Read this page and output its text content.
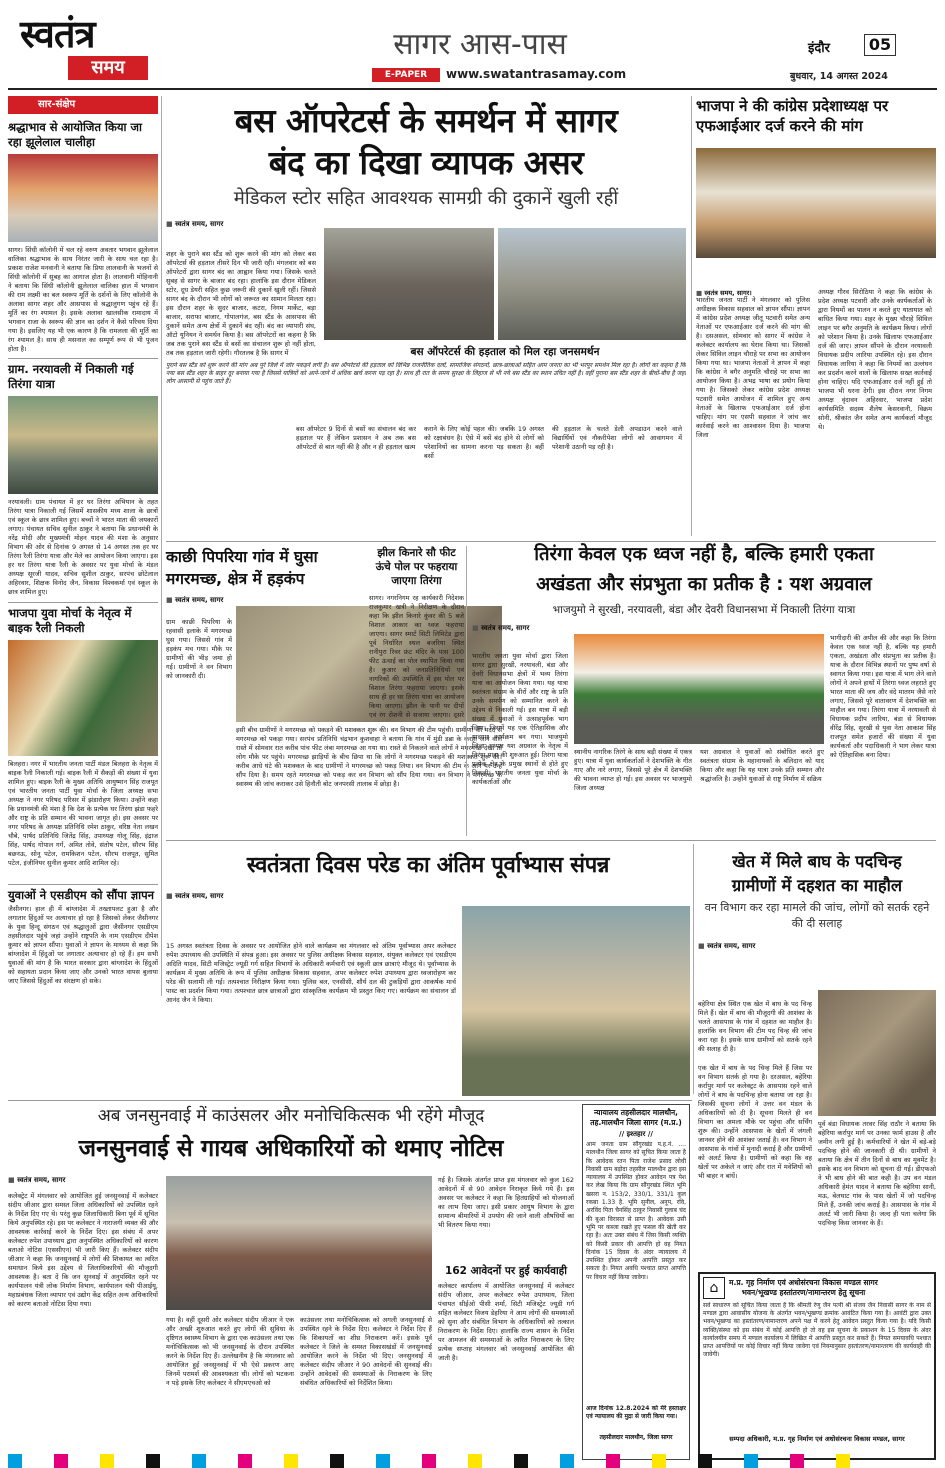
स्वतंत्र
समय
सागर आस-पास	इंदौर	05
E-PAPER	www.swatantrasamay.com	बुधवार, 14 अगस्त 2024
सार-संक्षेप
श्रद्धाभाव से आयोजित किया जा रहा झूलेलाल चालीहा
सागर। सिंधी कॉलोनी में चल रहे वरुण अवतार भगवान झूलेलाल वालिका श्रद्धाभाव के साथ निरंतर जारी के साथ चल रहा है। प्रकाश राजेश मनवानी ने बताया कि प्रिया लालवानी के भजनों से सिंधी कॉलोनी में सुबह का आगाज होता है। लालवानी मोहिनानी ने बताया कि सिंधी कॉलोनी झूलेलाल वालिका हाल में भगवान की राम लक्ष्मी का बल स्वरूप मूर्ति के दर्शनों के लिए कॉलोनी के अलावा सागर शहर और आसपास से श्रद्धालुगण पहुंच रहे हैं। मूर्ति का रंग श्यामल है। इसके अलावा खालसीक रामादाय में भगवान राजा के स्वरूप की ज्ञान का दर्शन ने कैसे परिचय दिया गया है। इसलिए यह भी एक कारण है कि रामलला की मूर्ति का रंग श्यामल है। साथ ही मसनाल का सम्पूर्ण रूप से भी पूजन होता है।
ग्राम. नरयावली में निकाली गई तिरंगा यात्रा
नरयावली। ग्राम पंचायत में हर घर तिरंगा अभियान के तहत तिरंगा यात्रा निकाली गई जिसमें शासकीय मध्य शाला के छात्रों एवं स्कूल के छात्र शामिल हुए। बच्चों ने भारत माता की जयकारों लगाए। पंचायत सचिव सुनील ठाकुर ने बताया कि प्रधानमंत्री के नरेंद्र मोदी और मुख्यमंत्री मोहन यादव की मंशा के अनुसार विभाग की ओर से दिनांक 9 अगस्त से 14 अगस्त तक हर घर तिरंगा रैली तिरंगा यात्रा और मेले का आयोजन किया जाएगा। इस हर घर तिरंगा यात्रा रैली के अवसर पर युवा मोर्चा के मंडल अध्यक्ष सूरजी यादव, सचिव सुशील ठाकुर, सरपंच छोटेलाल अहिरवार, शिक्षक विनोद जैन, विकास विश्वकर्मा एवं स्कूल के छात्र शामिल हुए।
भाजपा युवा मोर्चा के नेतृत्व में बाइक रैली निकली
बिलहरा। नगर में भारतीय जनता पार्टी मंडल बिलहरा के नेतृत्व में बाइक रैली निकाली गई। बाइक रैली में सैकड़ों की संख्या में युवा शामिल हुए। बाइक रैली के मुख्य अतिथि आयुष्मान सिंह राजपूत एवं भारतीय जनता पार्टी युवा मोर्चा के जिला अध्यक्ष सभा अध्यक्ष ने नगर परिषद परिसर में झंडारोहण किया। उन्होंने कहा कि प्रधानमंत्री की मंशा है कि देश के प्रत्येक घर तिरंगा झंडा फहरे और राष्ट्र के प्रति सम्मान की भावना जागृत हो। इस अवसर पर नगर परिषद के अध्यक्ष प्रतिनिधि रमेश ठाकुर, वरिष्ठ नेता लखन चौबे, पार्षद प्रतिनिधि जितेंद्र सिंह, उपाध्यक्ष गोलू सिंह, इंद्राज सिंह, पार्षद गोपाल गर्ग, अमित तोवे, संतोष पटेल, सौरभ सिंह बछनऊ, सोनू पटेल, रामकिशन पटेल, सौरभ राजपूत, सुमित पटेल, इंजीनियर सुनील कुमार आदि शामिल रहे।
युवाओं ने एसडीएम को सौंपा ज्ञापन
जैसीनगर। हाल ही में बांग्लादेश में तख्तापलट हुआ है और लगातार हिंदुओं पर अत्याचार हो रहा है जिसको लेकर जैसीनगर के युवा हिन्दू संगठन एवं श्रद्धालुओं द्वारा जैसीनगर एसडीएम तहसीलदार पहुंचे जहां उन्होंने राष्ट्रपति के नाम एसडीएम दीपेश कुमार को ज्ञापन सौंपा। युवाओं ने ज्ञापन के माध्यम से कहा कि बांग्लादेश में हिंदुओं पर लगातार अत्याचार हो रहे हैं। हम सभी युवाओं की मांग है कि भारत सरकार द्वारा बांग्लादेश के हिंदुओं को सहायता प्रदान किया जाए और उनको भारत वापस बुलाया जाए जिससे हिंदुओं का संरक्षण हो सके।
बस ऑपरेटर्स के समर्थन में सागर
बंद का दिखा व्यापक असर
मेडिकल स्टोर सहित आवश्यक सामग्री की दुकानें खुली रहीं
■ स्वतंत्र समय, सागर
शहर के पुराने बस स्टैंड को शुरू करने की मांग को लेकर बस ऑपरेटर्स की हड़ताल तीसरे दिन भी जारी रही। मंगलवार को बस ऑपरेटरों द्वारा सागर बंद का आह्वान किया गया। जिसके चलते सुबह से सागर के बाजार बंद रहा। हालांकि इस दौरान मेडिकल स्टोर, दूध डेयरी सहित कुछ जरूरी की दुकानें खुली रहीं। जिससे सागर बंद के दौरान भी लोगों को जरूरत का सामान मिलता रहा। इस दौरान शहर के सुदर बाजार, कटरा, निगम मार्केट, बड़ा बाजार, सराफा बाजार, गोपालगंज, बस स्टैंड के आसपास की दुकानें समेत अन्य क्षेत्रों में दुकानें बंद रहीं। बंद का व्यापारी संघ, ऑटो यूनियन ने समर्थन किया है। बस ऑपरेटरों का कहना है कि जब तक पुराने बस स्टैंड से बसों का संचालन शुरू हो नहीं होता, तब तक हड़ताल जारी रहेगी। गौरतलब है कि सागर में	बस ऑपरेटर्स की हड़ताल को मिल रहा जनसमर्थन
पुराने बस स्टैंड को शुरू करने की मांग अब पूरे जिले में जोर पकड़ने लगी है। बस ऑपरेटर्स की हड़ताल को विभिन्न राजनीतिक दलों, सामाजिक संगठनों, छात्र-छात्राओं सहित आम जनता का भी भरपूर समर्थन मिल रहा है। लोगों का कहना है कि नया बस स्टैंड शहर के बाहर दूर बनाया गया है जिससे यात्रियों को आने-जाने में अधिक खर्च करना पड़ रहा है। साथ ही रात के समय सुरक्षा के लिहाज से भी नये बस स्टैंड का स्थान उचित नहीं है। वहीं पुराना बस स्टैंड शहर के बीचों-बीच है जहां लोग आसानी से पहुंच जाते हैं।
बस ऑपरेटर 9 दिनों से बसों का संचालन बंद कर हड़ताल पर हैं लेकिन प्रशासन ने अब तक बस ऑपरेटरों से बात नहीं की है और न ही हड़ताल खत्म
कराने के लिए कोई पहल की। जबकि 19 अगस्त को रक्षाबंधन है। ऐसे में बसें बंद होने से लोगों को परेशानियों का सामना करना पड़ सकता है। बहीं बसों
की हड़ताल के चलते डेली अपडाउन करने वाले विद्यार्थियों एवं नौकरीपेशा लोगों को आवागमन में परेशानी उठानी पड़ रही है।
भाजपा ने की कांग्रेस प्रदेशाध्यक्ष पर एफआईआर दर्ज करने की मांग
■ स्वतंत्र समय, सागर।
भारतीय जनता पार्टी ने मंगलवार को पुलिस अधीक्षक विकास सहवाल को ज्ञापन सौंपा। ज्ञापन में कांग्रेस प्रदेश अध्यक्ष जीतू पटवारी समेत अन्य नेताओं पर एफआईआर दर्ज करने की मांग की है। दसअसल, सोमवार को सागर में कांग्रेस ने कलेक्टर कार्यालय का घेराव किया था। जिसकों लेकर सिविल लाइन चौराहे पर सभा का आयोजन किया गया था। भाजपा नेताओं ने ज्ञापन में कहा कि कांग्रेस ने बगैर अनुमति चौराहे पर सभा का आयोजन किया है। अभद्र भाषा का प्रयोग किया गया है। जिसको लेकर कांग्रेस प्रदेश अध्यक्ष पटवारी समेत आयोजन में शामिल हुए अन्य नेताओं के खिलाफ एफआईआर दर्ज होना चाहिए। मांग पर एसपी सहवाल ने जांच कर कार्रवाई करने का आश्वासन दिया है। भाजपा जिला
अध्यक्ष गौरव सिरोठिया ने कहा कि कांग्रेस के प्रदेश अध्यक्ष पटवारी और उनके कार्यकर्ताओं के द्वारा नियमों का पालन न करते हुए यातायात को बाधित किया गया। शहर के मुख्य चौराहे सिविल लाइन पर बगैर अनुमति के कार्यक्रम किया। लोगों को परेशान किया है। उनके खिलाफ एफआईआर दर्ज की जाए। ज्ञापन सौंपने के दौरान नरयावली विधायक प्रदीप लारिया उपस्थित रहे। इस दौरान विधायक लारिया ने कहा कि नियमों का उल्लंघन कर प्रदर्शन करने वालों के खिलाफ सख्त कार्रवाई होना चाहिए। यदि एफआईआर दर्ज नहीं हुई तो भाजपा भी धरना देगी। इस दौरान नगर निगम अध्यक्ष वृंदावन अहिरवार, भाजपा प्रदेश कार्यसमिति सदस्य शैलेष केसरवानी, विक्रम सोनी, श्रीकांत जैन समेत अन्य कार्यकर्ता मौजूद थे।
काछी पिपरिया गांव में घुसा मगरमच्छ, क्षेत्र में हड़कंप
■ स्वतंत्र समय, सागर
ग्राम काछी पिपरिया के रहवासी इलाके में मगरमच्छ घुस गया। जिससे गांव में हड़कंप मच गया। मौके पर ग्रामीणों की भीड़ जमा हो गई। ग्रामीणों ने वन विभाग को जानकारी दी।
इसी बीच ग्रामीणों ने मगरमच्छ को पकड़ने की मशक्कत शुरू की। वन विभाग की टीम पहुंची। ग्रामीणों की मदद से मगरमच्छ को पकड़ा गया। सरपंच प्रतिनिधि चंद्रभान कुशवाहा ने बताया कि गांव में मुंडी डब्रा के करहा जाने वाले रास्ते में सोमवार रात करीब पांच फीट लंबा मगरमच्छ आ गया था। रास्ते से निकलने वाले लोगों ने मगरमच्छ देखा तो लोग मौके पर पहुंचे। मगरमच्छ झाड़ियों के बीच छिपा था कि लोगों ने मगरमच्छ पकड़ने की मशक्कत शुरू की। करीब आधे घंटे की मशक्कत के बाद ग्रामीणों ने मगरमच्छ को पकड़ लिया। वन विभाग की टीम के आने पर उन्हें सौंप दिया है। समय रहते मगरमच्छ को पकड़ कर वन विभाग को सौंप दिया गया। वन विभाग ने मगरमच्छ के स्वास्थ्य की जांच कराकर उसे हिनौती बोट जनपरसी तालाब में छोड़ा है।
झील किनारे सौ फीट ऊंचे पोल पर फहराया जाएगा तिरंगा
सागर। नगरनिगम रह कार्यकारी निदेशक राजकुमार खत्री ने निरीक्षण के दौरान कहा कि झील किनारे कुंवर की 5 बजे विशाल आकार का ध्वज फहराया जाएगा। सागर स्मार्ट सिटी लिमिटेड द्वारा पूर्व निर्धारित स्थल बजरिया स्थित रानीपुरा रिवर फ्रंट मंदिर के पास 100 फीट ऊंचाई का पोल स्थापित किया गया है। कुआर को जनप्रतिनिधियों एवं नागरिकों की उपस्थिति में इस पोल पर विशाल तिरंगा फहराया जाएगा। इसके साथ ही हर घर तिरंगा यात्रा का आयोजन किया जाएगा। झील के पानी पर दीपों एवं रंग रोशनी से सजाया जाएगा। दूसरे
तिरंगा केवल एक ध्वज नहीं है, बल्कि हमारी एकता
अखंडता और संप्रभुता का प्रतीक है : यश अग्रवाल
भाजयुमो ने सुरखी, नरयावली, बंडा और देवरी विधानसभा में निकाली तिरंगा यात्रा
■ स्वतंत्र समय, सागर
भारतीय जनता युवा मोर्चा द्वारा जिला सागर द्वारा सुरखी, नरयावली, बंडा और देवरी विधानसभा क्षेत्रों में भव्य तिरंगा यात्रा का आयोजन किया गया। यह यात्रा स्वतंत्रता संग्राम के वीरों और राष्ट्र के प्रति उनके समर्पण को सम्मानित करने के उद्देश्य से निकाली गई। इस यात्रा में बड़ी संख्या में युवाओं ने उत्साहपूर्वक भाग लिया। जिसमें यह एक ऐतिहासिक और यादगार कार्यक्रम बन गया। भाजयुमो जिला अध्यक्ष यश अग्रवाल के नेतृत्व में तिरंगा यात्रा की शुरुआत हुई। तिरंगा यात्रा प्रत्येक क्षेत्र के प्रमुख स्थानों से होते हुए निकली। भारतीय जनता युवा मोर्चा के कार्यकर्ताओं और
स्थानीय नागरिक तिरंगे के साथ बड़ी संख्या में एकत्र हुए। यात्रा में युवा कार्यकर्ताओं ने देशभक्ति के गीत गाए और नारे लगाए, जिससे पूरे क्षेत्र में देशभक्ति की भावना व्याप्त हो गई। इस अवसर पर भाजयुमो जिला अध्यक्ष
यश अग्रवाल ने युवाओं को संबोधित करते हुए स्वतंत्रता संग्राम के महानायकों के बलिदान को याद किया और कहा कि यह यात्रा उनके प्रति सम्मान और श्रद्धांजलि है। उन्होंने युवाओं से राष्ट्र निर्माण में सक्रिय
भागीदारी की अपील की और कहा कि तिरंगा केवल एक ध्वज नहीं है, बल्कि यह हमारी एकता, अखंडता और संप्रभुता का प्रतीक है। यात्रा के दौरान विभिन्न स्थानों पर पुष्प वर्षा से स्वागत किया गया। इस यात्रा में भाग लेने वाले लोगों ने अपने हाथों में तिरंगा ध्वज लहराते हुए भारत माता की जय और वंदे मातरम जैसे नारे लगाए, जिससे पूरे वातावरण में देशभक्ति का माहौल बन गया। तिरंगा यात्रा में नरयावली से विधायक प्रदीप लारिया, बंडा से विधायक वीरेंद्र सिंह, सुरखी से युवा नेता आकाश सिंह राजपूत समेत हजारों की संख्या में युवा कार्यकर्ता और पदाधिकारी ने भाग लेकर यात्रा को ऐतिहासिक बना दिया।
स्वतंत्रता दिवस परेड का अंतिम पूर्वाभ्यास संपन्न
■ स्वतंत्र समय, सागर
15 अगस्त स्वतंत्रता दिवस के अवसर पर आयोजित होने वाले कार्यक्रम का मंगलवार को अंतिम पूर्वाभ्यास अपर कलेक्टर रुपेश उपाध्याय की उपस्थिति में संपन्न हुआ। इस अवसर पर पुलिस अधीक्षक विकास सहवाल, संयुक्त कलेक्टर एवं एसडीएम अदिति यादव, सिटी मजिस्ट्रेट ज्यूडी गर्ग सहित विभागों के अधिकारी कर्मचारी एवं स्कूली छात्र छात्राएं मौजूद थे। पूर्वाभ्यास के कार्यक्रम में मुख्य अतिथि के रूप में पुलिस अधीक्षक विकास सहवाल, अपर कलेक्टर रुपेश उपाध्याय द्वारा ध्वजारोहण कर परेड की सलामी ली गई। तत्पश्चात निरीक्षण किया गया। पुलिस बल, एनसीसी, शौर्य दल की टुकड़ियों द्वारा आकर्षक मार्च पास्ट का प्रदर्शन किया गया। तत्पश्चात छात्र छात्राओं द्वारा सांस्कृतिक कार्यक्रम भी प्रस्तुत किए गए। कार्यक्रम का संचालन डॉ आनंद जैन ने किया।
खेत में मिले बाघ के पदचिन्ह
ग्रामीणों में दहशत का माहौल
वन विभाग कर रहा मामले की जांच, लोगों को सतर्क रहने की दी सलाह
■ स्वतंत्र समय, सागर
बहेरिया क्षेत्र स्थित एक खेत में बाघ के पद चिन्ह मिले हैं। खेत में बाघ की मौजूदगी की आशंका के चलते आसपास के गांव में दहशत का माहौल है। हालांकि वन विभाग की टीम पद चिन्ह की जांच करा रहा है। इसके साथ ग्रामीणों को सतर्क रहने की सलाह दी है।
एक खेत में बाघ के पद चिन्ह मिले हैं जिस पर वन विभाग सतर्क हो गया है। दरअसल, बहेरिया कर्रापुर मार्ग पर कलेक्ट्रट के आसपास रहने वाले लोगों ने बाघ के पदचिन्ह होना बताया जा रहा है। जिसकी सूचना लोगों ने उत्तर वन मंडल के अधिकारियों को दी है। सूचना मिलते ही वन विभाग का अमला मौके पर पहुंचा और सर्चिंग शुरू की। उन्होंने आसपास के खेतों में जंगली जानवर होने की आशंका जताई है। वन विभाग ने आसपास के गांवों में मुनादी कराई है और ग्रामीणों को अलर्ट किया है। ग्रामीणों को कहा कि वह खेतों पर अकेले न जाएं और रात में मवेशियों को भी बाहर न बांधें।
पूर्व बंडा विधायक तरवर सिंह राठौर ने बताया कि बहेरिया कर्रापुर मार्ग पर उनका फार्म हाउस है और जमीन लगी हुई है। कर्मचारियों ने खेत में बड़े-बड़े पदचिन्ह होने की जानकारी दी थी। ग्रामीणों ने बताया कि क्षेत्र में तीन दिनों से बाघ का मूवमेंट है। इसके बाद वन विभाग को सूचना दी गई। डीएफओ ने भी बाघ होने की बात कही है। उप वन मंडल अधिकारी हेमंत यादव ने बताया कि बहेरिया सानी, मऊ, बेलघाट गांव के पास खेतों में जो पदचिन्ह मिले हैं, उनकी जांच कराई है। आसपास के गांव में अलर्ट भी जारी किया है। जल्द ही पता चलेगा कि पदचिन्ह किस जानवर के हैं।
अब जनसुनवाई में काउंसलर और मनोचिकित्सक भी रहेंगे मौजूद
जनसुनवाई से गायब अधिकारियों को थमाए नोटिस
■ स्वतंत्र समय, सागर
कलेक्ट्रेट में मंगलवार को आयोजित हुई जनसुनवाई में कलेक्टर संदीप जीआर द्वारा समस्त जिला अधिकारियों को उपस्थित रहने के निर्देश दिए गए थे। परंतु कुछ जिलाधिकारी बिना पूर्व में सूचित किये अनुपस्थित रहे। इस पर कलेक्टर ने नाराजगी व्यक्त की और आवश्यक कार्रवाई करने के निर्देश दिए। इस संबंध में अपर कलेक्टर रुपेश उपाध्याय द्वारा अनुपस्थित अधिकारियों को कारण बताओ नोटिस (एससीएन) भी जारी किए हैं। कलेक्टर संदीप जीआर ने कहा कि जनसुनवाई में लोगों की शिकायत का त्वरित समाधान किये इस उद्देश्य से जिलाधिकारियों की मौजूदगी आवश्यक है। बता दें कि जन सुनवाई में अनुपस्थित रहने पर कार्यपालन यंत्री लोक निर्माण विभाग, कार्यपालन यंत्री पीआईयू, महाप्रबंधक जिला व्यापार एवं उद्योग केंद्र सहित अन्य अधिकारियों को कारण बताओ नोटिस दिया गया।
गया है। वहीं दूसरी ओर कलेक्टर संदीप जीआर ने एक और अच्छी शुरुआत करते हुए लोगों की सुविधा के दृष्टिगत स्वास्थ्य विभाग के द्वारा एक काउंसलर तथा एक मनोचिकित्सक को भी जनसुनवाई के दौरान उपस्थित करने के निर्देश दिए हैं। उल्लेखनीय है कि मंगलवार को आयोजित हुई जनसुनवाई में भी ऐसे प्रकरण आए जिनमें परामर्श की आवश्यकता थी। लोगों को भटकना न पड़े इसके लिए कलेक्टर ने सीएमएचओ को
काउंसलर तथा मनोचिकित्सक को अगली जनसुनवाई से उपस्थित रहने के निर्देश दिए। कलेक्टर ने निर्देश दिए हैं कि शिकायतों का शीघ्र निराकरण करें। इसके पूर्व कलेक्टर ने जिले के समस्त विकासखंडों में जनसुनवाई आयोजित करने के निर्देश भी दिए। जनसुनवाई में कलेक्टर संदीप जीआर ने 90 आवेदनों की सुनवाई की। उन्होंने आवेदकों की समस्याओं के निराकरण के लिए संबंधित अधिकारियों को निर्देशित किया।
गई है। जिसके अंतर्गत प्राप्त इस मंगलवार को कुल 162 आवेदनों में से 90 आवेदन निराकृत किये गये हैं। इस अवसर पर कलेक्टर ने कहा कि हितग्राहियों को योजनाओं का लाभ दिया जाए। इसी प्रकार आयुष विभाग के द्वारा सामान्य बीमारियों में उपयोग की जाने वाली औषधियों का भी वितरण किया गया।
162 आवेदनों पर हुई कार्यवाही
कलेक्टर कार्यालय में आयोजित जनसुनवाई में कलेक्टर संदीप जीआर, अपर कलेक्टर रुपेश उपाध्याय, जिला पंचायत सीईओ पीसी शर्मा, सिटी मजिस्ट्रेट ज्यूडी गर्ग सहित कलेक्टर विजय डेहरिया ने आम लोगों की समस्याओं को सुना और संबंधित विभाग के अधिकारियों को तत्काल निराकरण के निर्देश दिए। हालांकि राज्य शासन के निर्देश पर आमजन की समस्याओं के त्वरित निराकरण के लिए प्रत्येक सप्ताह मंगलवार को जनसुनवाई आयोजित की जाती है।
न्यायालय तहसीलदार मालथौन, तह.मालथौन जिला सागर (म.प्र.)
// इश्तहार //
आम जनता ग्राम सौंगुरखंड प.ह.नं. .... मालथौन जिला सागर को सूचित किया जाता है कि आवेदक रतन पिता राजेश प्रसाद लोधी निवासी ग्राम बड़ोदा तहसील मालथौन द्वारा इस न्यायालय में उपस्थित होकर आवेदन पत्र पेश कर लेख किया कि ग्राम सौंगुरखंड स्थित भूमि खसरा न. 153/2, 330/1, 331/1 कुल रकबा 1.33 है. भूमि सुनील, अनूप, रवि, अरविंद पिता चैनसिंह ठाकुर निवासी गुलाब चंद की बुआ विरासत से प्राप्त है। आवेदक उसी भूमि पर कब्जा रखते हुए फसल की खेती कर रहा है। अतः उक्त संबंध में जिस किसी व्यक्ति को किसी प्रकार की आपत्ति हो वह नियत दिनांक 15 दिवस के अंदर न्यायालय में उपस्थित होकर अपनी आपत्ति प्रस्तुत कर सकता है। नियत अवधि पश्चात प्राप्त आपत्ति पर विचार नहीं किया जावेगा।
आज दिनांक 12.8.2024 को मेरे हस्ताक्षर एवं न्यायालय की मुद्रा से जारी किया गया।
तहसीलदार मालथौन, जिला सागर
⌂	म.प्र. गृह निर्माण एवं अधोसंरचना विकास मण्डल सागर
भवन/भूखण्ड हस्तांतरण/नामान्तरण हेतु सूचना
सर्व साधारण को सूचित किया जाता है कि श्रीमती रेणु जैन पत्नी श्री संजय जैन निवासी सागर के नाम से मण्डल द्वारा आवासीय योजना के अंतर्गत भवन/भूखण्ड क्रमांक आवंटित किया गया है। आवंटी द्वारा उक्त भवन/भूखण्ड का हस्तांतरण/नामान्तरण अपने पक्ष में करने हेतु आवेदन प्रस्तुत किया गया है। यदि किसी व्यक्ति/संस्था को इस संबंध में कोई आपत्ति हो तो वह इस सूचना के प्रकाशन के 15 दिवस के अंदर कार्यालयीन समय में मण्डल कार्यालय में लिखित में आपत्ति प्रस्तुत कर सकते हैं। नियत समयावधि पश्चात प्राप्त आपत्तियों पर कोई विचार नहीं किया जावेगा एवं नियमानुसार हस्तांतरण/नामान्तरण की कार्यवाही की जावेगी।
सम्पदा अधिकारी, म.प्र. गृह निर्माण एवं अधोसंरचना विकास मण्डल, सागर
